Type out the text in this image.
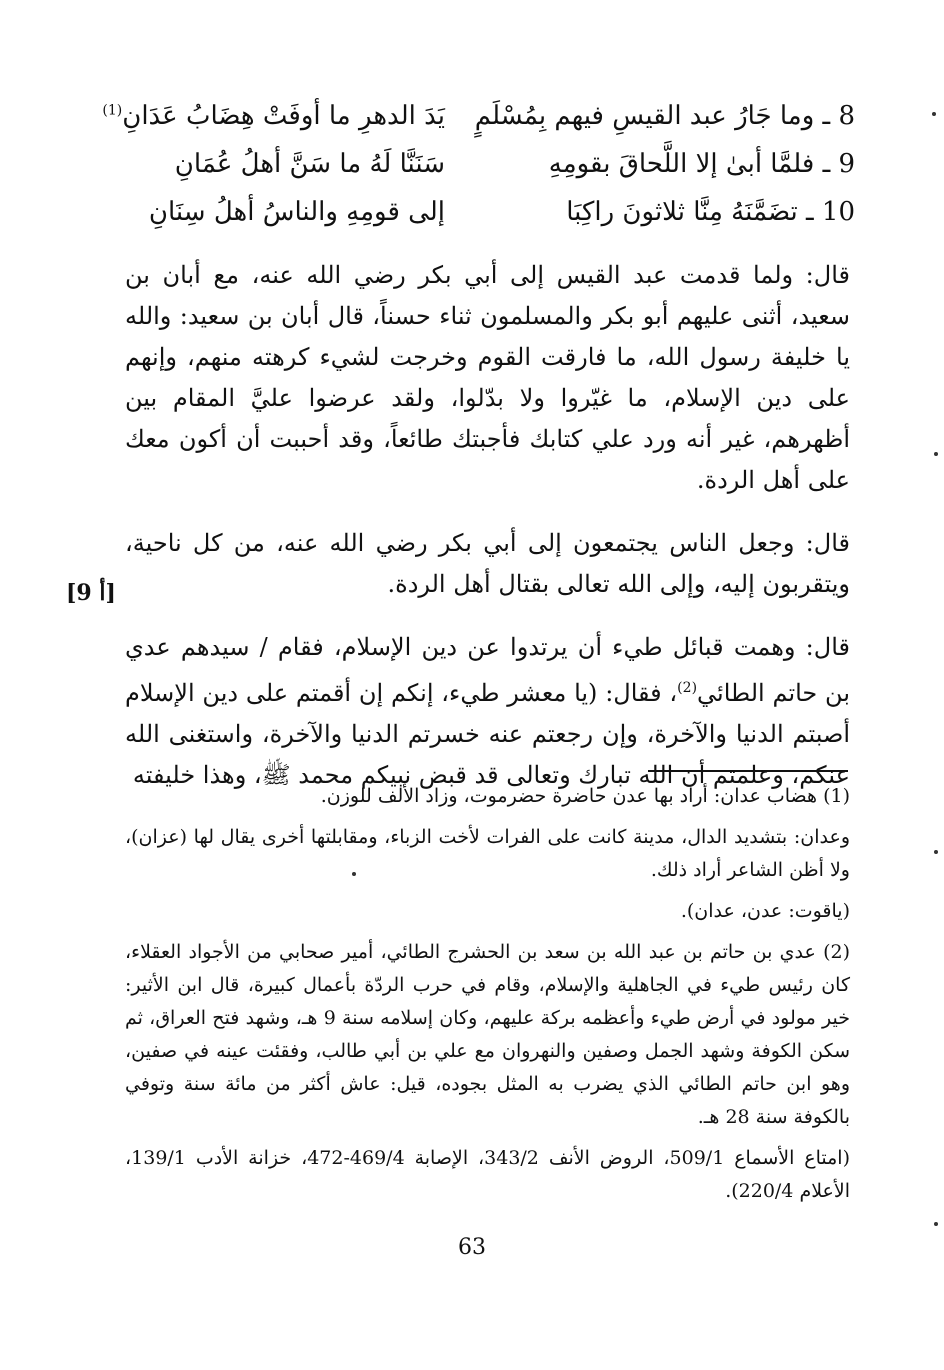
8 ـ وما جَارُ عبد القيسِ فيهم بِمُسْلَمٍ
يَدَ الدهرِ ما أوفَتْ هِضَابُ عَدَانِ$^{(1)}$
9 ـ فلمَّا أبىٰ إلا اللَّحاقَ بقومِهِ
سَنَنَّا لَهُ ما سَنَّ أهلُ عُمَانِ
10 ـ تضَمَّنَهُ مِنَّا ثلاثونَ راكِبَا
إلى قومِهِ والناسُ أهلُ سِنَانِ

قال: ولما قدمت عبد القيس إلى أبي بكر رضي الله عنه، مع أبان بن سعيد، أثنى عليهم أبو بكر والمسلمون ثناء حسناً، قال أبان بن سعيد: والله يا خليفة رسول الله، ما فارقت القوم وخرجت لشيء كرهته منهم، وإنهم على دين الإسلام، ما غيّروا ولا بدّلوا، ولقد عرضوا عليَّ المقام بين أظهرهم، غير أنه ورد علي كتابك فأجبتك طائعاً، وقد أحببت أن أكون معك على أهل الردة.

قال: وجعل الناس يجتمعون إلى أبي بكر رضي الله عنه، من كل ناحية، ويتقربون إليه، وإلى الله تعالى بقتال أهل الردة.

قال: وهمت قبائل طيء أن يرتدوا عن دين الإسلام، فقام / سيدهم عدي بن حاتم الطائي$^{(2)}$، فقال: (يا معشر طيء، إنكم إن أقمتم على دين الإسلام أصبتم الدنيا والآخرة، وإن رجعتم عنه خسرتم الدنيا والآخرة، واستغنى الله عنكم، وعلمتم أن الله تبارك وتعالى قد قبض نبيكم محمد ﷺ، وهذا خليفته

[9 أ]

(1) هضاب عدان: أراد بها عدن حاضرة حضرموت، وزاد الألف للوزن.

وعدان: بتشديد الدال، مدينة كانت على الفرات لأخت الزباء، ومقابلتها أخرى يقال لها (عزان)، ولا أظن الشاعر أراد ذلك.

(ياقوت: عدن، عدان).

(2) عدي بن حاتم بن عبد الله بن سعد بن الحشرج الطائي، أمير صحابي من الأجواد العقلاء، كان رئيس طيء في الجاهلية والإسلام، وقام في حرب الردّة بأعمال كبيرة، قال ابن الأثير: خير مولود في أرض طيء وأعظمه بركة عليهم، وكان إسلامه سنة 9 هـ، وشهد فتح العراق، ثم سكن الكوفة وشهد الجمل وصفين والنهروان مع علي بن أبي طالب، وفقئت عينه في صفين، وهو ابن حاتم الطائي الذي يضرب به المثل بجوده، قيل: عاش أكثر من مائة سنة وتوفي بالكوفة سنة 28 هـ.

(امتاع الأسماع 509/1، الروض الأنف 343/2، الإصابة 469/4-472، خزانة الأدب 139/1، الأعلام 220/4).

63
